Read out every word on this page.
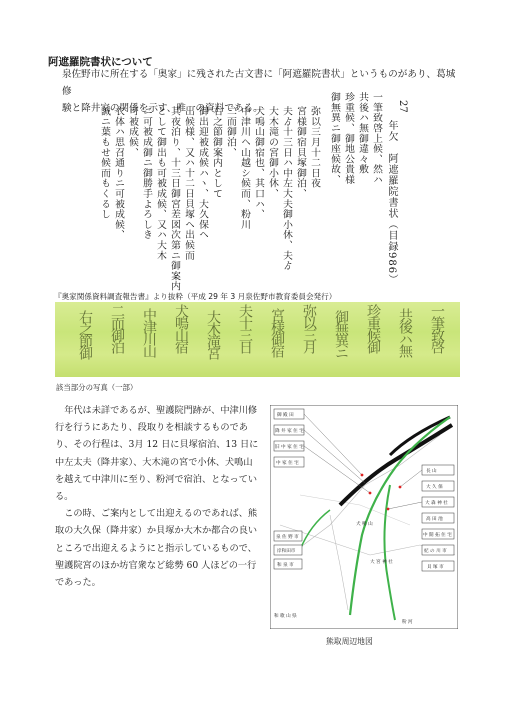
阿遮羅院書状について

泉佐野市に所在する「奥家」に残された古文書に「阿遮羅院書状」というものがあり、葛城修

験と降井家の関係を示す、唯一の資料である。	27
年欠　阿遮羅院書状（目録986）
一筆致啓上候、然ハ
共後ハ無御違々敷
珍重候、御地公貴様
御無異ニ御座候故、
弥以三月十二日夜
宮様御宿貝塚御泊、
夫ゟ十三日ハ中左大夫御小休、夫ゟ
大木滝の宮御小休、
犬鳴山御宿也、其口ハ、
中津川ヘ山越シ候而、粉川
二而御泊、
右之節御案内として
御出迎被成候ハヽ、大久保ヘ
出候様、又ハ十二日貝塚ヘ出候而
其夜泊り、十三日御宮差図次第ニ御案内
として御出も可被成候、又ハ大木
ニ可被成御ニ御勝手よろしき
可被成候、
衣体ハ思召通りニ可被成候、
誠ニ葉もせ候而もくるし
『奥家関係資料調査報告書』より抜粋（平成 29 年 3 月泉佐野市教育委員会発行）
一筆致啓
共後ハ無
珍重候御
御無異ニ
弥以三月
宮様御宿
夫十三日
大木滝宮
犬鳴山宿
中津川山
二而御泊
右之節御
該当部分の写真（一部）

年代は未詳であるが、聖護院門跡が、中津川修行を行うにあたり、段取りを相談するものであり、その行程は、3月 12 日に貝塚宿泊、13 日に中左太夫（降井家）、大木滝の宮で小休、犬鳴山を越えて中津川に至り、粉河で宿泊、となっている。

この時、ご案内として出迎えるのであれば、熊取の大久保（降井家）か貝塚か大木か都合の良いところで出迎えるようにと指示しているもので、聖護院宮のほか坊官衆など総勢 60 人ほどの一行であった。

御 殿 田
降 井 家 住 宅
旧 中 家 住 宅
中 家 住 宅
長 山
大 久 保
大 森 神 社
高 田 池
中 開 拓 住 宅
泉 佐 野 市
岸和田市
和 泉 市
紀 の 川 市
貝 塚 市
和 歌 山 県
犬 鳴 山
大 宮 神 社
粉 河
熊取周辺地図
